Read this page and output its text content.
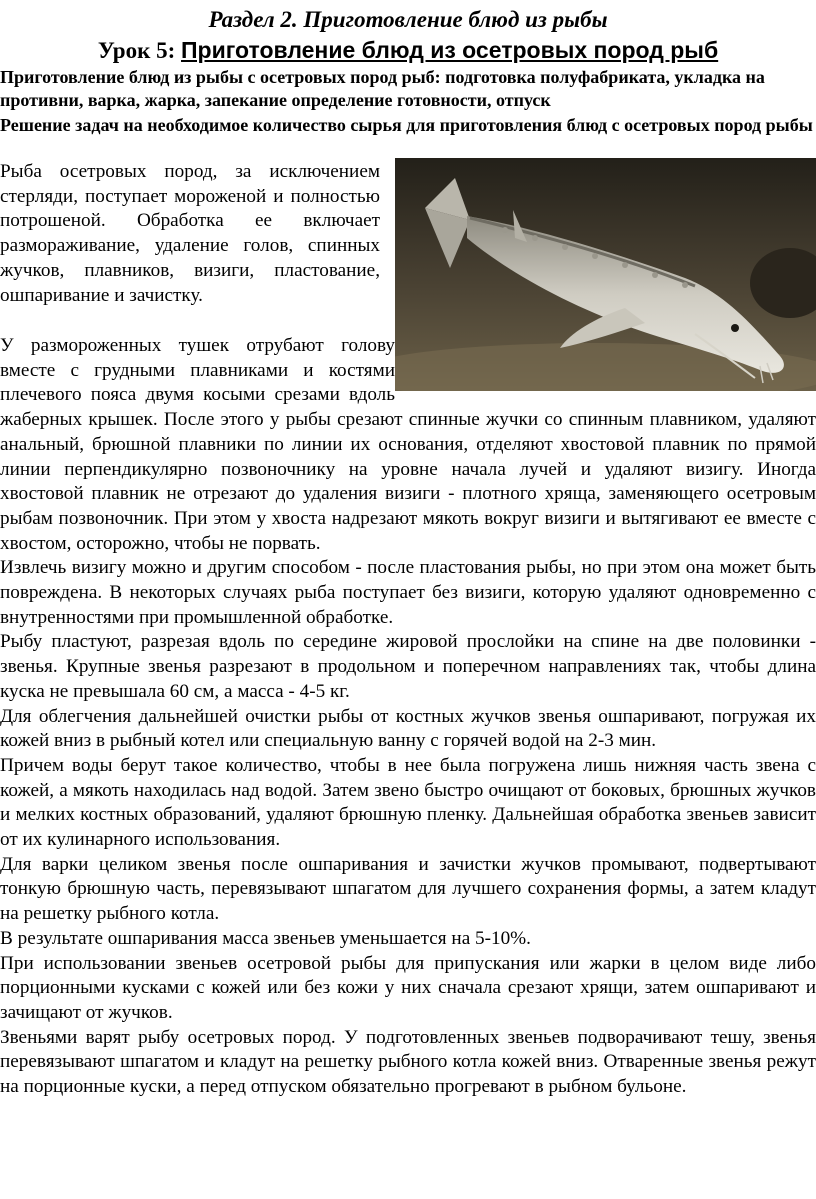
Раздел 2. Приготовление блюд из рыбы
Урок 5: Приготовление блюд из осетровых пород рыб
Приготовление блюд из рыбы с осетровых пород рыб: подготовка полуфабриката, укладка на противни, варка, жарка, запекание определение готовности, отпуск
Решение задач на необходимое количество сырья для приготовления блюд с осетровых пород рыбы
Рыба осетровых пород, за исключением стерляди, поступает мороженой и полностью потрошеной. Обработка ее включает размораживание, удаление голов, спинных жучков, плавников, визиги, пластование, ошпаривание и зачистку.
У размороженных тушек отрубают голову вместе с грудными плавниками и костями плечевого пояса двумя косыми срезами вдоль жаберных крышек. После этого у рыбы срезают спинные жучки со спинным плавником, удаляют анальный, брюшной плавники по линии их основания, отделяют хвостовой плавник по прямой линии перпендикулярно позвоночнику на уровне начала лучей и удаляют визигу. Иногда хвостовой плавник не отрезают до удаления визиги - плотного хряща, заменяющего осетровым рыбам позвоночник. При этом у хвоста надрезают мякоть вокруг визиги и вытягивают ее вместе с хвостом, осторожно, чтобы не порвать.
Извлечь визигу можно и другим способом - после пластования рыбы, но при этом она может быть повреждена. В некоторых случаях рыба поступает без визиги, которую удаляют одновременно с внутренностями при промышленной обработке.
Рыбу пластуют, разрезая вдоль по середине жировой прослойки на спине на две половинки - звенья. Крупные звенья разрезают в продольном и поперечном направлениях так, чтобы длина куска не превышала 60 см, а масса - 4-5 кг.
Для облегчения дальнейшей очистки рыбы от костных жучков звенья ошпаривают, погружая их кожей вниз в рыбный котел или специальную ванну с горячей водой на 2-3 мин.
Причем воды берут такое количество, чтобы в нее была погружена лишь нижняя часть звена с кожей, а мякоть находилась над водой. Затем звено быстро очищают от боковых, брюшных жучков и мелких костных образований, удаляют брюшную пленку. Дальнейшая обработка звеньев зависит от их кулинарного использования.
Для варки целиком звенья после ошпаривания и зачистки жучков промывают, подвертывают тонкую брюшную часть, перевязывают шпагатом для лучшего сохранения формы, а затем кладут на решетку рыбного котла.
В результате ошпаривания масса звеньев уменьшается на 5-10%.
При использовании звеньев осетровой рыбы для припускания или жарки в целом виде либо порционными кусками с кожей или без кожи у них сначала срезают хрящи, затем ошпаривают и зачищают от жучков.
Звеньями варят рыбу осетровых пород. У подготовленных звеньев подворачивают тешу, звенья перевязывают шпагатом и кладут на решетку рыбного котла кожей вниз. Отваренные звенья режут на порционные куски, а перед отпуском обязательно прогревают в рыбном бульоне.
